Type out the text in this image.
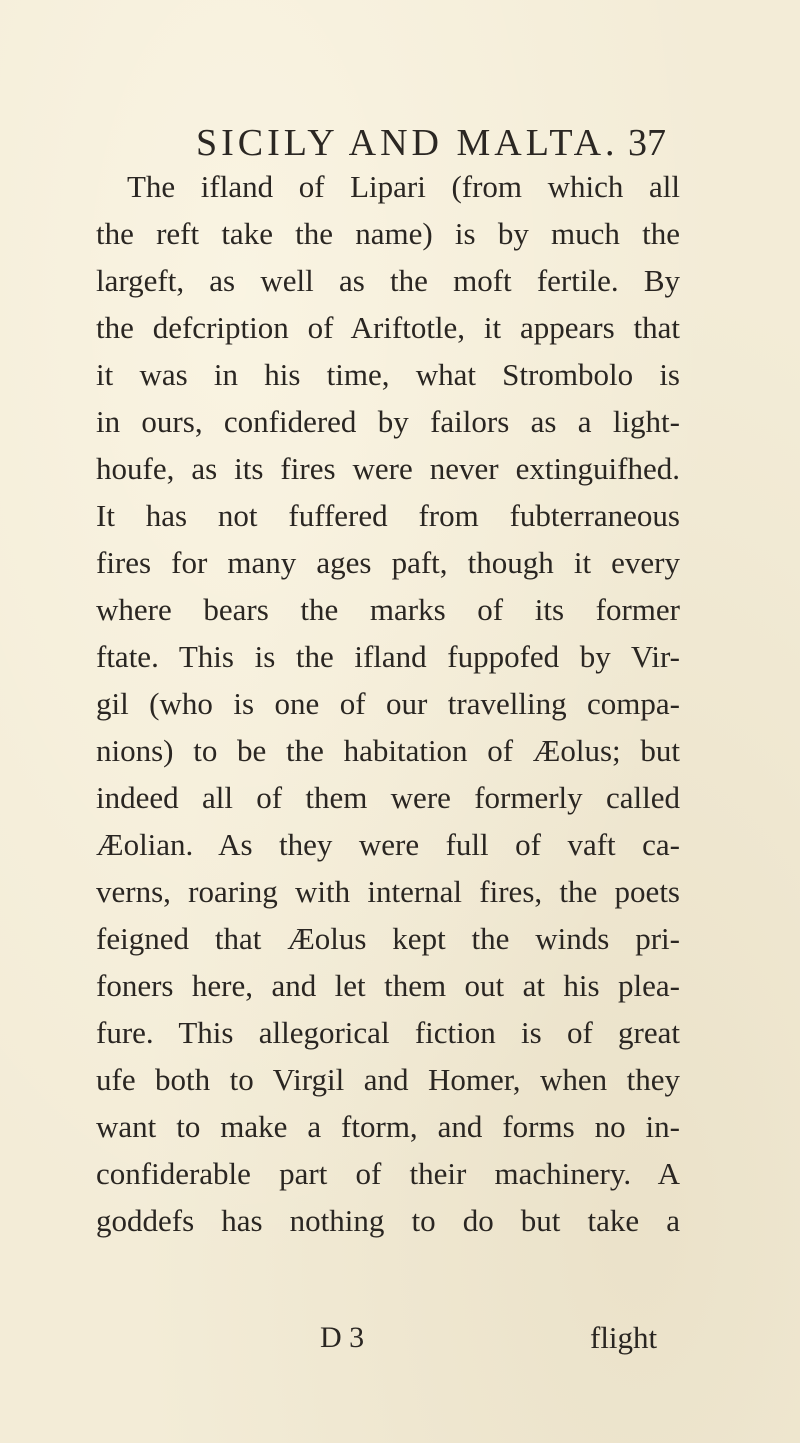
SICILY AND MALTA. 37
The ifland of Lipari (from which all
the reft take the name) is by much the
largeft, as well as the moft fertile. By
the defcription of Ariftotle, it appears that
it was in his time, what Strombolo is
in ours, confidered by failors as a light-
houfe, as its fires were never extinguifhed.
It has not fuffered from fubterraneous
fires for many ages paft, though it every
where bears the marks of its former
ftate. This is the ifland fuppofed by Vir-
gil (who is one of our travelling compa-
nions) to be the habitation of Æolus; but
indeed all of them were formerly called
Æolian. As they were full of vaft ca-
verns, roaring with internal fires, the poets
feigned that Æolus kept the winds pri-
foners here, and let them out at his plea-
fure. This allegorical fiction is of great
ufe both to Virgil and Homer, when they
want to make a ftorm, and forms no in-
confiderable part of their machinery. A
goddefs has nothing to do but take a
D 3	flight
